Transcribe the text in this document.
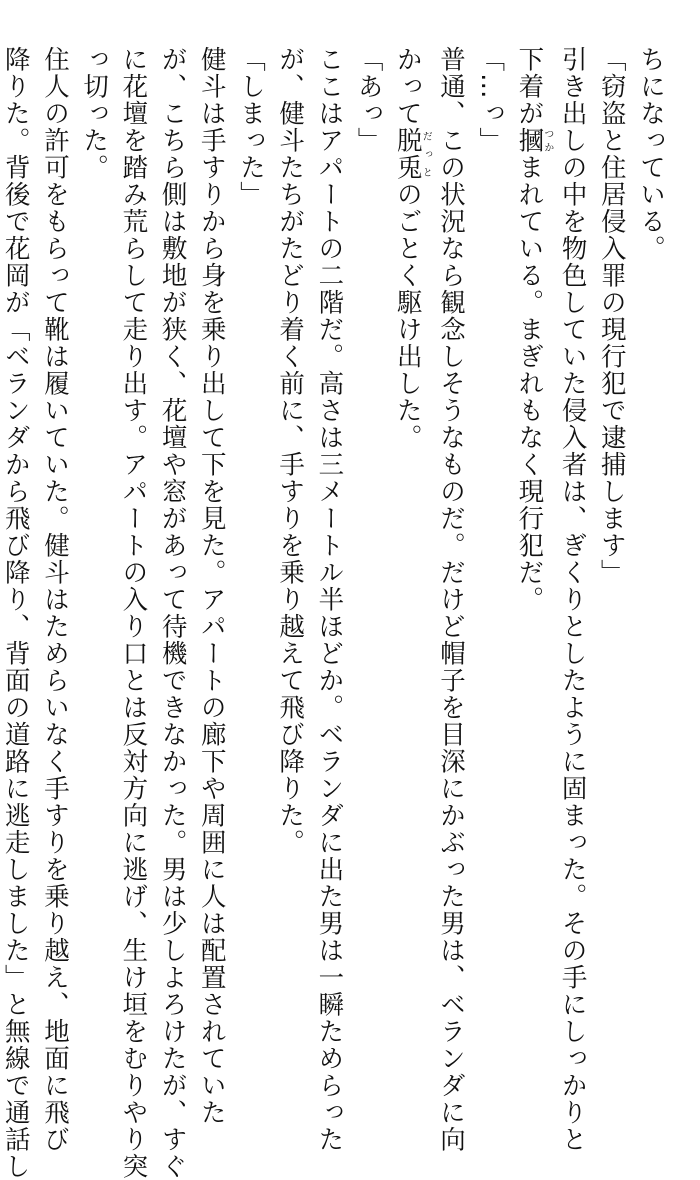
ちになっている。
「窃盗と住居侵入罪の現行犯で逮捕します」
引き出しの中を物色していた侵入者は、ぎくりとしたように固まった。その手にしっかりと
下着が摑つかまれている。まぎれもなく現行犯だ。
「…っ」
普通、この状況なら観念しそうなものだ。だけど帽子を目深にかぶった男は、ベランダに向
かって脱兎だっとのごとく駆け出した。
「あっ」
ここはアパートの二階だ。高さは三メートル半ほどか。ベランダに出た男は一瞬ためらった
が、健斗たちがたどり着く前に、手すりを乗り越えて飛び降りた。
「しまった」
健斗は手すりから身を乗り出して下を見た。アパートの廊下や周囲に人は配置されていた
が、こちら側は敷地が狭く、花壇や窓があって待機できなかった。男は少しよろけたが、すぐ
に花壇を踏み荒らして走り出す。アパートの入り口とは反対方向に逃げ、生け垣をむりやり突
っ切った。
住人の許可をもらって靴は履いていた。健斗はためらいなく手すりを乗り越え、地面に飛び
降りた。背後で花岡が「ベランダから飛び降り、背面の道路に逃走しました」と無線で通話し
